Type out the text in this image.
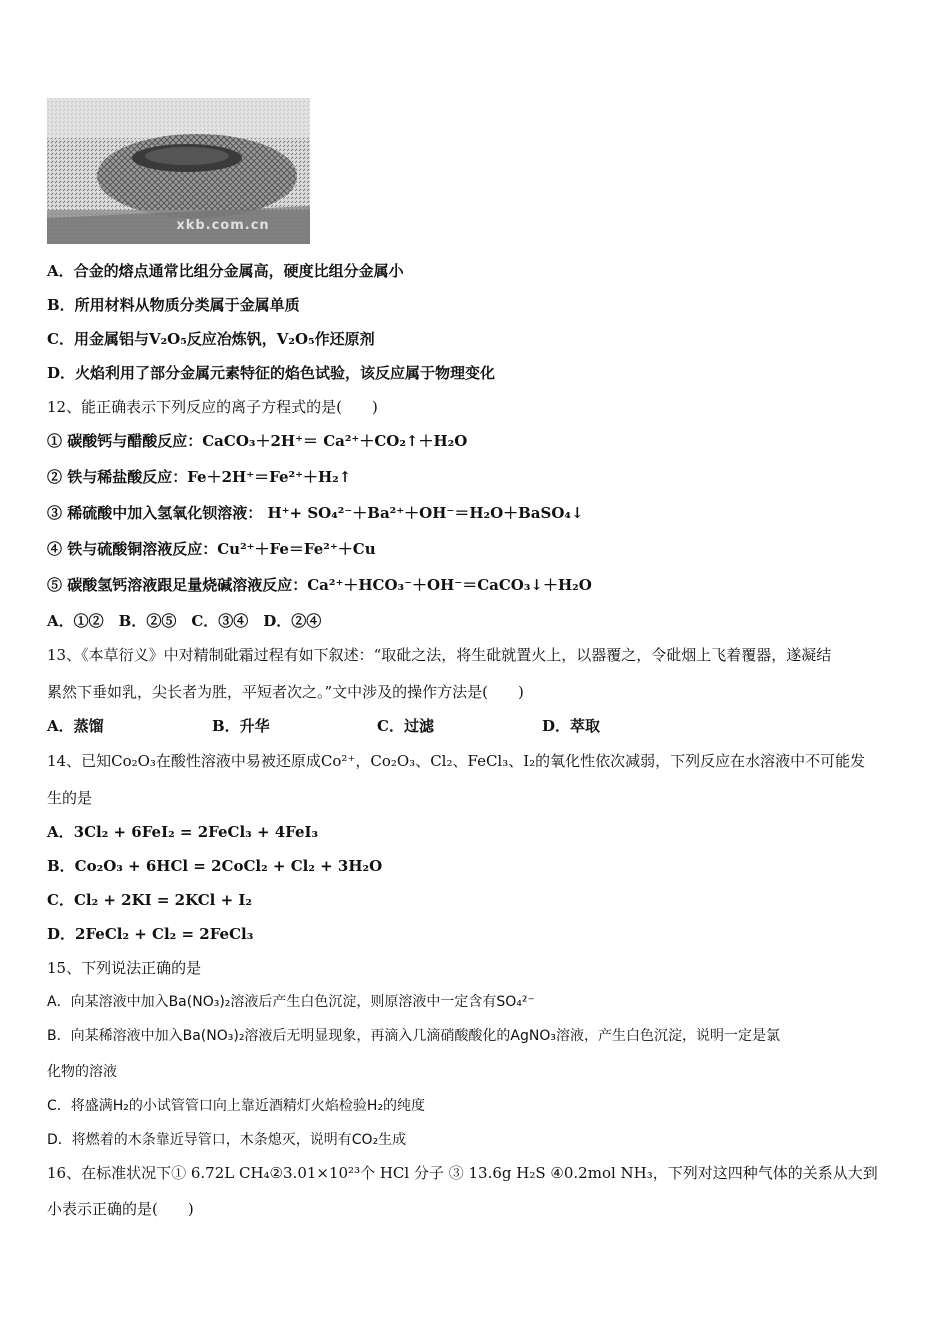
xkb.com.cn
A．合金的熔点通常比组分金属高，硬度比组分金属小
B．所用材料从物质分类属于金属单质
C．用金属铝与V₂O₅反应冶炼钒，V₂O₅作还原剂
D．火焰利用了部分金属元素特征的焰色试验，该反应属于物理变化
12、能正确表示下列反应的离子方程式的是(　　)
① 碳酸钙与醋酸反应：CaCO₃＋2H⁺＝ Ca²⁺＋CO₂↑＋H₂O
② 铁与稀盐酸反应：Fe＋2H⁺＝Fe²⁺＋H₂↑
③ 稀硫酸中加入氢氧化钡溶液： H⁺+ SO₄²⁻＋Ba²⁺＋OH⁻＝H₂O＋BaSO₄↓
④ 铁与硫酸铜溶液反应：Cu²⁺＋Fe＝Fe²⁺＋Cu
⑤ 碳酸氢钙溶液跟足量烧碱溶液反应：Ca²⁺＋HCO₃⁻＋OH⁻＝CaCO₃↓＋H₂O
A．①②　B．②⑤　C．③④　D．②④
13、《本草衍义》中对精制砒霜过程有如下叙述：“取砒之法，将生砒就置火上，以器覆之，令砒烟上飞着覆器，遂凝结
累然下垂如乳，尖长者为胜，平短者次之。”文中涉及的操作方法是(　　)
A．蒸馏	B．升华	C．过滤	D．萃取
14、已知Co₂O₃在酸性溶液中易被还原成Co²⁺，Co₂O₃、Cl₂、FeCl₃、I₂的氧化性依次减弱，下列反应在水溶液中不可能发
生的是
A．3Cl₂ + 6FeI₂ = 2FeCl₃ + 4FeI₃
B．Co₂O₃ + 6HCl = 2CoCl₂ + Cl₂ + 3H₂O
C．Cl₂ + 2KI = 2KCl + I₂
D．2FeCl₂ + Cl₂ = 2FeCl₃
15、下列说法正确的是
A．向某溶液中加入Ba(NO₃)₂溶液后产生白色沉淀，则原溶液中一定含有SO₄²⁻
B．向某稀溶液中加入Ba(NO₃)₂溶液后无明显现象，再滴入几滴硝酸酸化的AgNO₃溶液，产生白色沉淀，说明一定是氯
化物的溶液
C．将盛满H₂的小试管管口向上靠近酒精灯火焰检验H₂的纯度
D．将燃着的木条靠近导管口，木条熄灭，说明有CO₂生成
16、在标准状况下① 6.72L CH₄②3.01×10²³个 HCl 分子 ③ 13.6g H₂S ④0.2mol NH₃，下列对这四种气体的关系从大到
小表示正确的是(　　)
